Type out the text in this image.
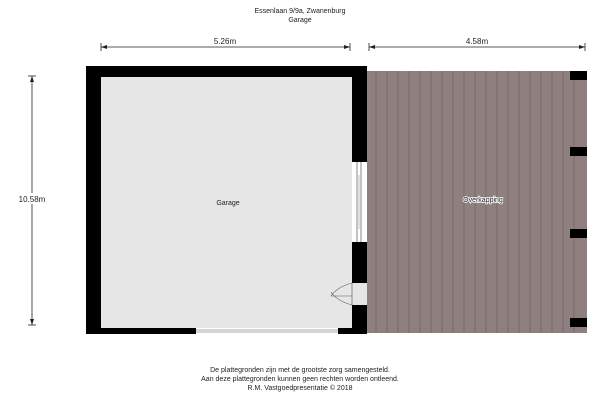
Essenlaan 9/9a, Zwanenburg
Garage
5.26m	4.58m
10.58m	Garage	Overkapping
De plattegronden zijn met de grootste zorg samengesteld.
Aan deze plattegronden kunnen geen rechten worden ontleend.
R.M. Vastgoedpresentatie © 2018
